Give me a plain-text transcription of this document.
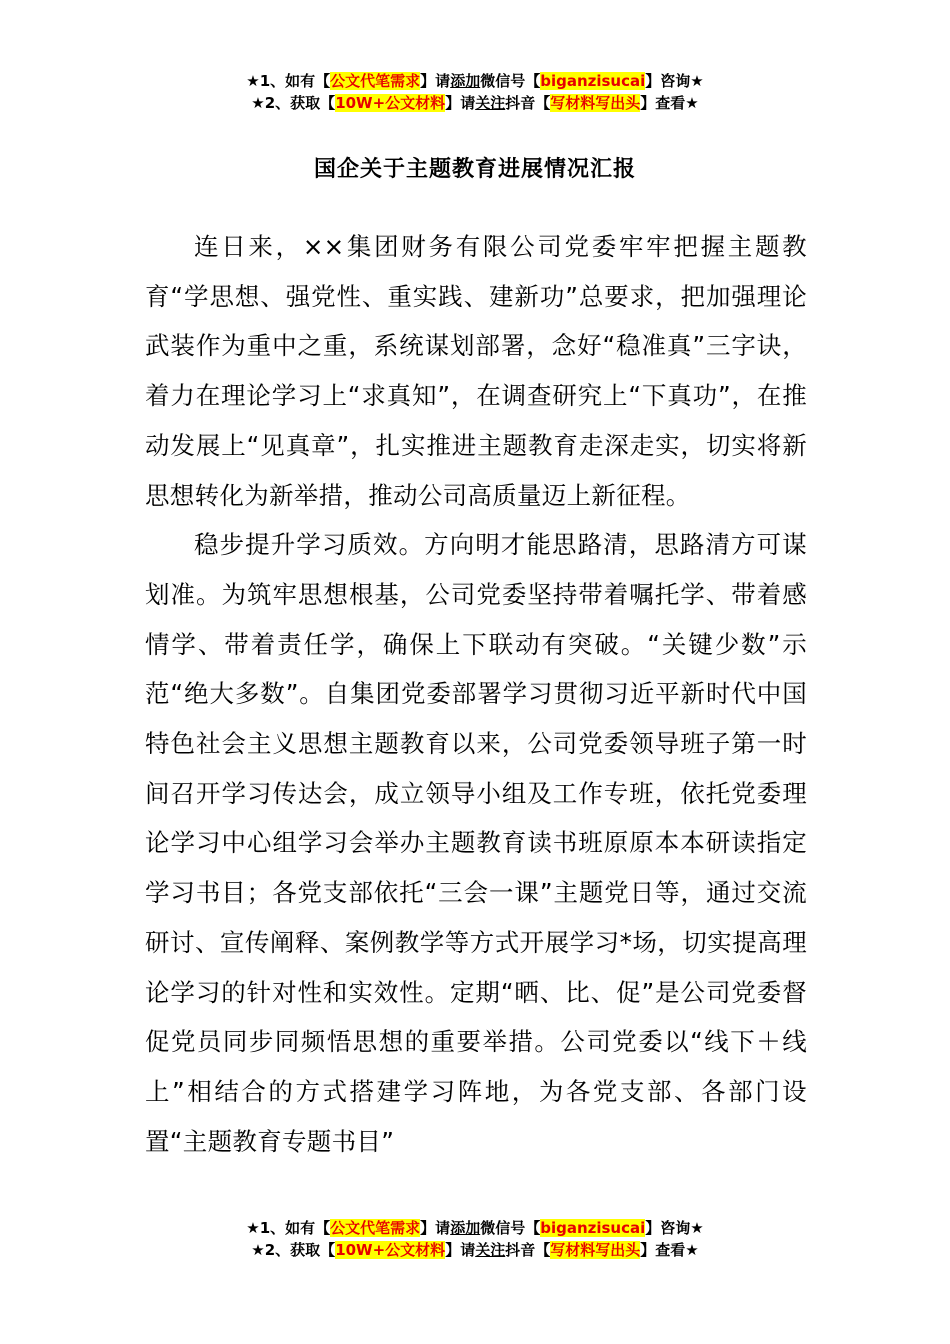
★1、如有【公文代笔需求】请添加微信号【biganzisucai】咨询★
★2、获取【10W+公文材料】请关注抖音【写材料写出头】查看★
国企关于主题教育进展情况汇报

连日来，××集团财务有限公司党委牢牢把握主题教育“学思想、强党性、重实践、建新功”总要求，把加强理论武装作为重中之重，系统谋划部署，念好“稳准真”三字诀，着力在理论学习上“求真知”，在调查研究上“下真功”，在推动发展上“见真章”，扎实推进主题教育走深走实，切实将新思想转化为新举措，推动公司高质量迈上新征程。

稳步提升学习质效。方向明才能思路清，思路清方可谋划准。为筑牢思想根基，公司党委坚持带着嘱托学、带着感情学、带着责任学，确保上下联动有突破。“关键少数”示范“绝大多数”。自集团党委部署学习贯彻习近平新时代中国特色社会主义思想主题教育以来，公司党委领导班子第一时间召开学习传达会，成立领导小组及工作专班，依托党委理论学习中心组学习会举办主题教育读书班原原本本研读指定学习书目；各党支部依托“三会一课”主题党日等，通过交流研讨、宣传阐释、案例教学等方式开展学习*场，切实提高理论学习的针对性和实效性。定期“晒、比、促”是公司党委督促党员同步同频悟思想的重要举措。公司党委以“线下＋线上”相结合的方式搭建学习阵地，为各党支部、各部门设置“主题教育专题书目”

★1、如有【公文代笔需求】请添加微信号【biganzisucai】咨询★
★2、获取【10W+公文材料】请关注抖音【写材料写出头】查看★
